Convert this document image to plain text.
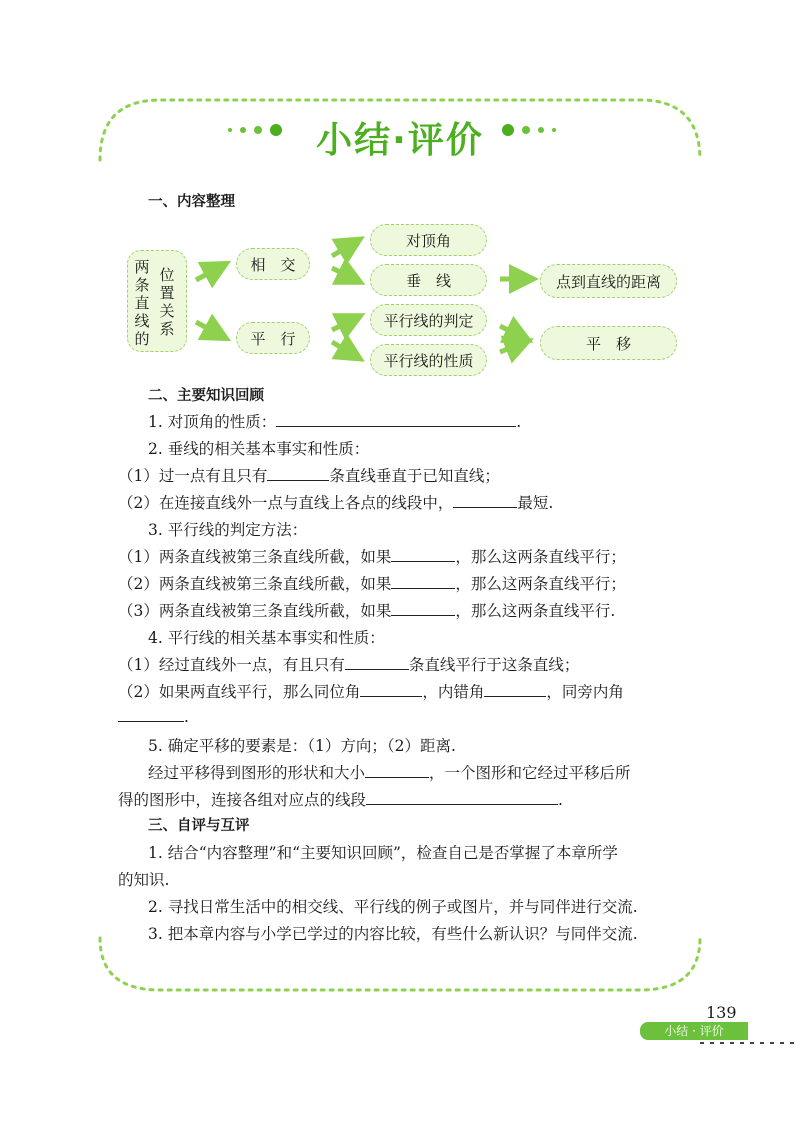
小结·评价
一、内容整理
两条直线的
位置关系
相　交
平　行
对顶角
垂　线
平行线的判定
平行线的性质
点到直线的距离
平　移
二、主要知识回顾
1. 对顶角的性质：	.
2. 垂线的相关基本事实和性质：
（1）过一点有且只有	条直线垂直于已知直线；
（2）在连接直线外一点与直线上各点的线段中，	最短.
3. 平行线的判定方法：
（1）两条直线被第三条直线所截，如果	，那么这两条直线平行；
（2）两条直线被第三条直线所截，如果	，那么这两条直线平行；
（3）两条直线被第三条直线所截，如果	，那么这两条直线平行.
4. 平行线的相关基本事实和性质：
（1）经过直线外一点，有且只有	条直线平行于这条直线；
（2）如果两直线平行，那么同位角	，内错角	，同旁内角
.
5. 确定平移的要素是：（1）方向；（2）距离.
经过平移得到图形的形状和大小	，一个图形和它经过平移后所
得的图形中，连接各组对应点的线段	.
三、自评与互评
1. 结合“内容整理”和“主要知识回顾”，检查自己是否掌握了本章所学
的知识.
2. 寻找日常生活中的相交线、平行线的例子或图片，并与同伴进行交流.
3. 把本章内容与小学已学过的内容比较，有些什么新认识？与同伴交流.
139
小结 · 评价
